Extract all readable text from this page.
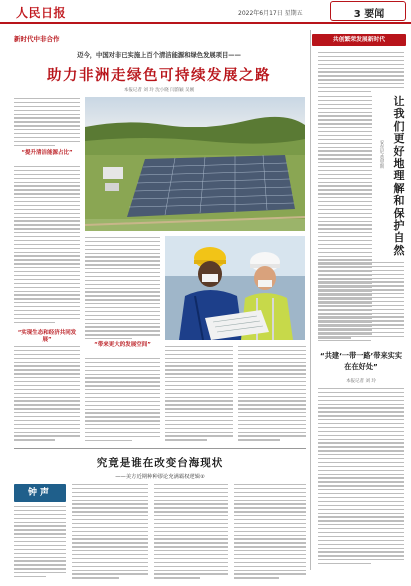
人民日报	2022年6月17日 星期五	3 要闻
新时代中非合作
迈今，中国对非已实施上百个清洁能源和绿色发展项目——
助力非洲走绿色可持续发展之路
本报记者 刘 玲 沈小晓 闫韵颖 吴刚
共创繁荣发展新时代
“提升清洁能源占比”
“实现生态和经济共同发展”
“带来更大的发展空间”
让我们更好地理解和保护自然
安东尼·莫里斯
“共建‘一带一路’带来实实在在好处”
本报记者 刘 玲
究竟是谁在改变台海现状
——美方近期种种谬论充满霸权逻辑②
钟声
